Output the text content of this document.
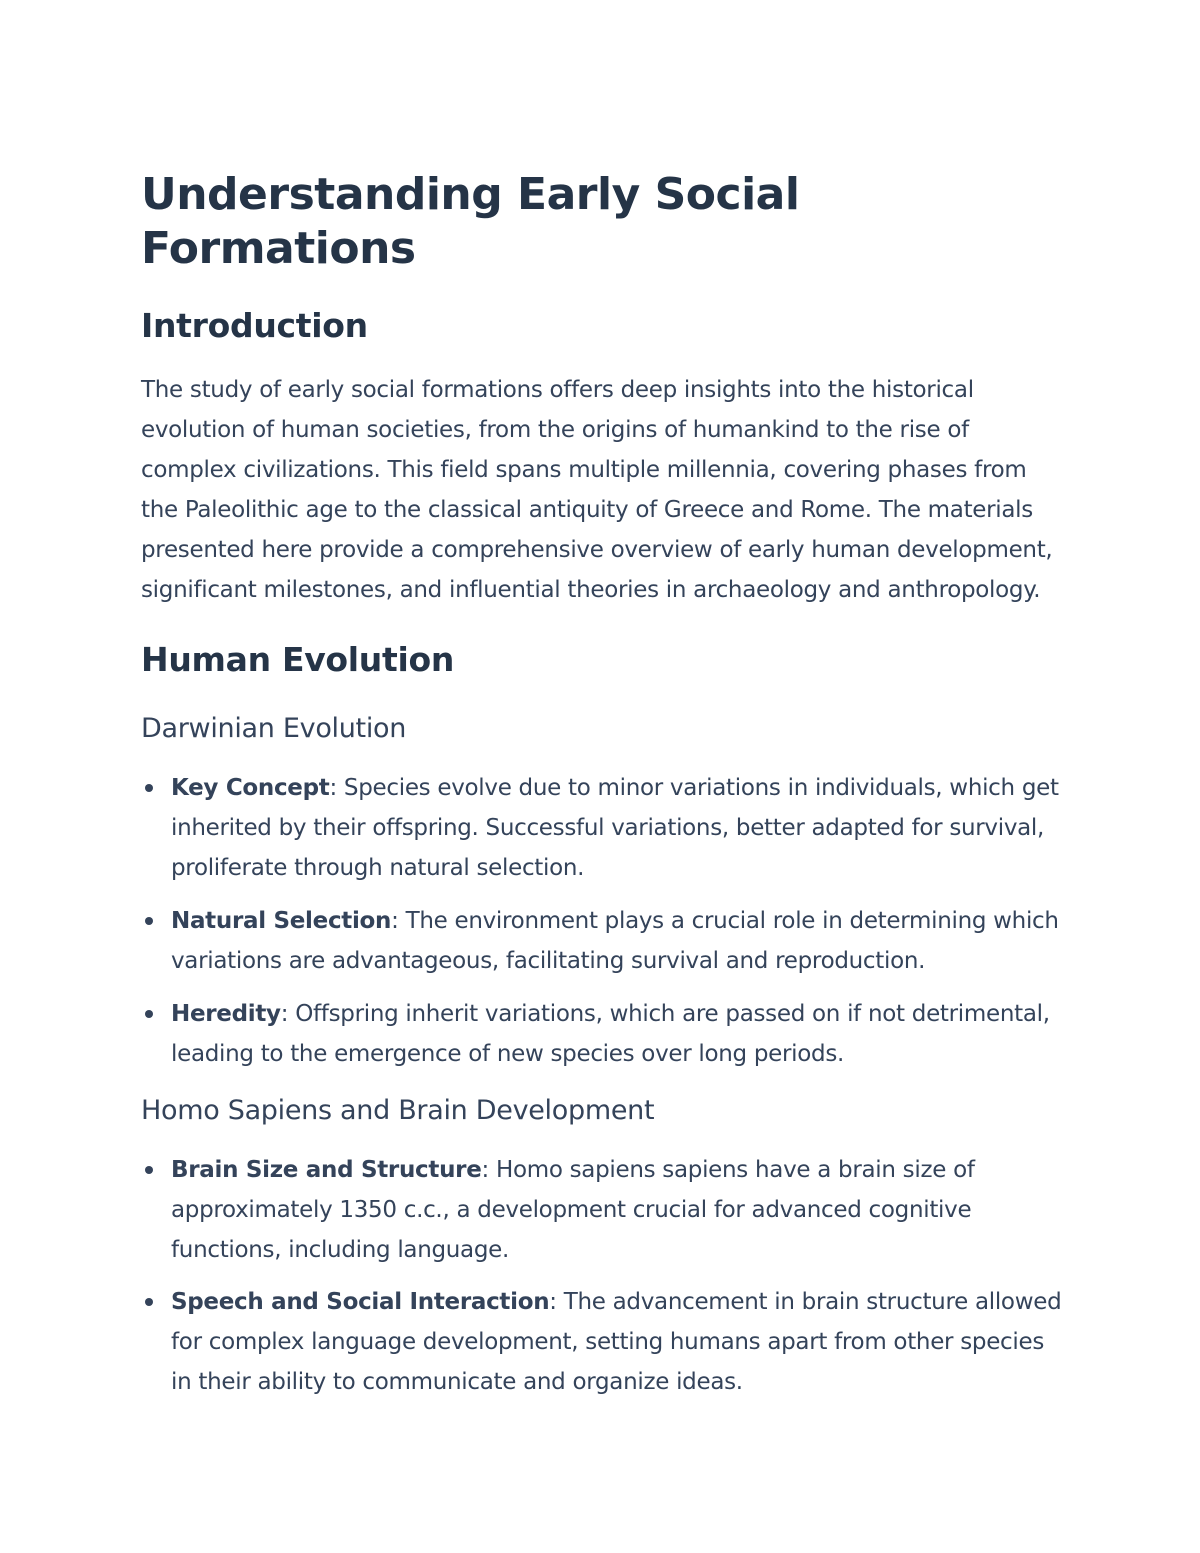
Understanding Early Social Formations
Introduction

The study of early social formations offers deep insights into the historical evolution of human societies, from the origins of humankind to the rise of complex civilizations. This field spans multiple millennia, covering phases from the Paleolithic age to the classical antiquity of Greece and Rome. The materials presented here provide a comprehensive overview of early human development, significant milestones, and influential theories in archaeology and anthropology.

Human Evolution
Darwinian Evolution
Key Concept: Species evolve due to minor variations in individuals, which get inherited by their offspring. Successful variations, better adapted for survival, proliferate through natural selection.
Natural Selection: The environment plays a crucial role in determining which variations are advantageous, facilitating survival and reproduction.
Heredity: Offspring inherit variations, which are passed on if not detrimental, leading to the emergence of new species over long periods.
Homo Sapiens and Brain Development
Brain Size and Structure: Homo sapiens sapiens have a brain size of approximately 1350 c.c., a development crucial for advanced cognitive functions, including language.
Speech and Social Interaction: The advancement in brain structure allowed for complex language development, setting humans apart from other species in their ability to communicate and organize ideas.
